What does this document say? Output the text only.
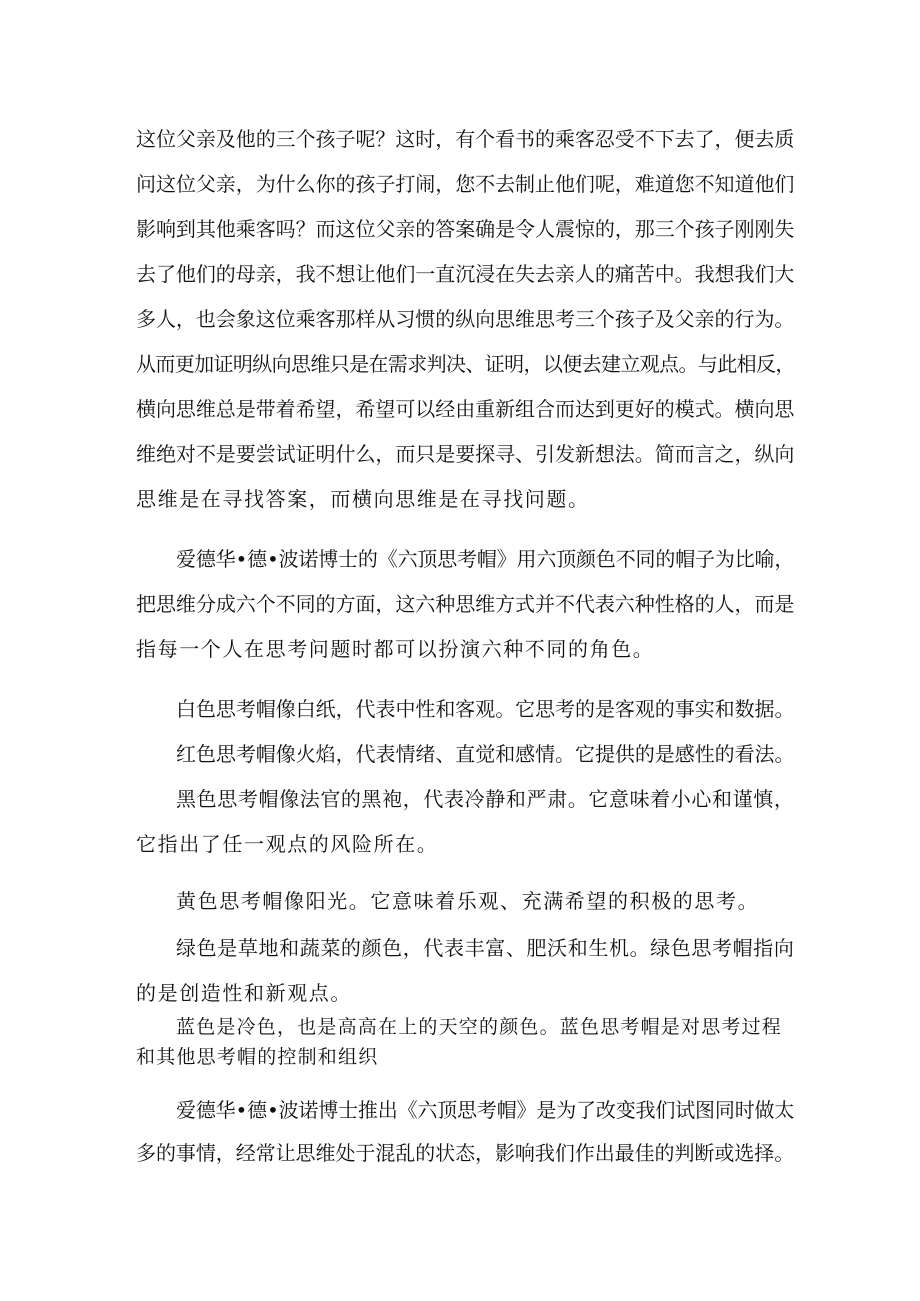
这位父亲及他的三个孩子呢？这时，有个看书的乘客忍受不下去了，便去质
问这位父亲，为什么你的孩子打闹，您不去制止他们呢，难道您不知道他们
影响到其他乘客吗？而这位父亲的答案确是令人震惊的，那三个孩子刚刚失
去了他们的母亲，我不想让他们一直沉浸在失去亲人的痛苦中。我想我们大
多人，也会象这位乘客那样从习惯的纵向思维思考三个孩子及父亲的行为。
从而更加证明纵向思维只是在需求判决、证明，以便去建立观点。与此相反，
横向思维总是带着希望，希望可以经由重新组合而达到更好的模式。横向思
维绝对不是要尝试证明什么，而只是要探寻、引发新想法。简而言之，纵向
思维是在寻找答案，而横向思维是在寻找问题。
爱德华•德•波诺博士的《六顶思考帽》用六顶颜色不同的帽子为比喻，
把思维分成六个不同的方面，这六种思维方式并不代表六种性格的人，而是
指每一个人在思考问题时都可以扮演六种不同的角色。
白色思考帽像白纸，代表中性和客观。它思考的是客观的事实和数据。
红色思考帽像火焰，代表情绪、直觉和感情。它提供的是感性的看法。
黑色思考帽像法官的黑袍，代表冷静和严肃。它意味着小心和谨慎，
它指出了任一观点的风险所在。
黄色思考帽像阳光。它意味着乐观、充满希望的积极的思考。
绿色是草地和蔬菜的颜色，代表丰富、肥沃和生机。绿色思考帽指向
的是创造性和新观点。
蓝色是冷色，也是高高在上的天空的颜色。蓝色思考帽是对思考过程
和其他思考帽的控制和组织
爱德华•德•波诺博士推出《六顶思考帽》是为了改变我们试图同时做太
多的事情，经常让思维处于混乱的状态，影响我们作出最佳的判断或选择。
